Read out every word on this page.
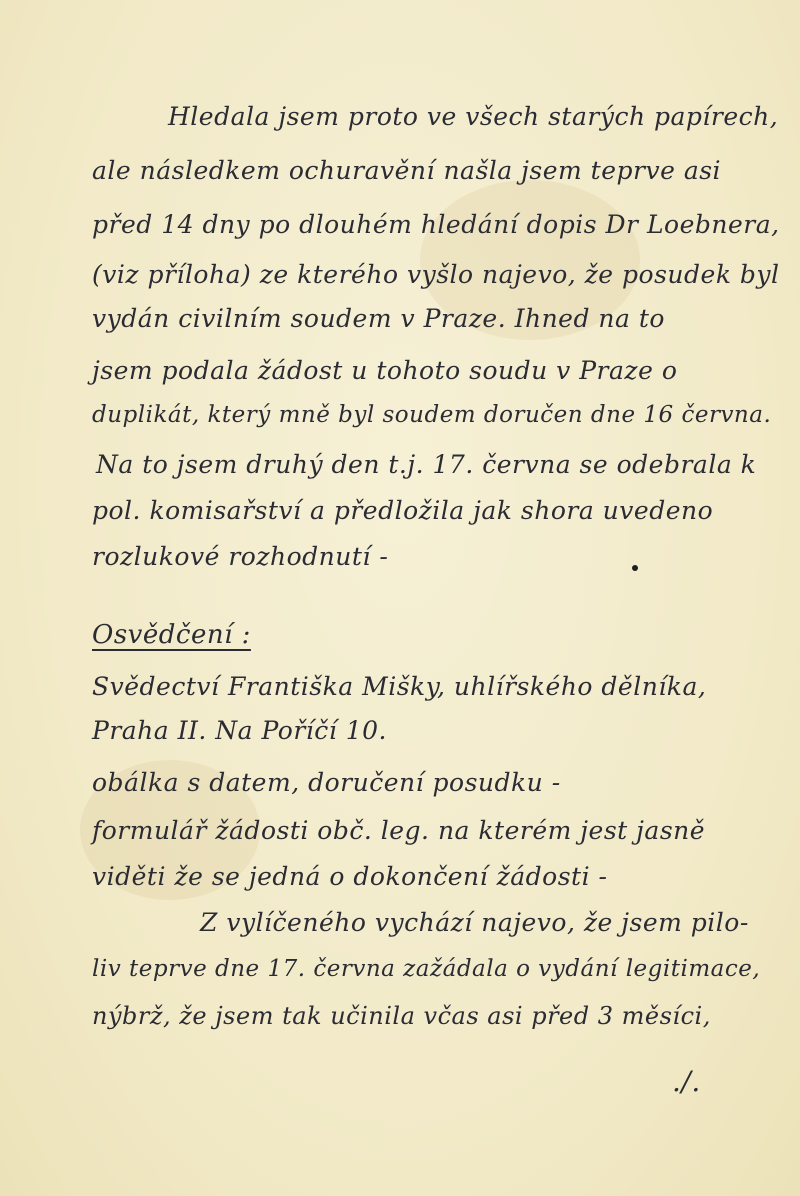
Hledala jsem proto ve všech starých papírech,
ale následkem ochuravění našla jsem teprve asi
před 14 dny po dlouhém hledání dopis Dr Loebnera,
(viz příloha) ze kterého vyšlo najevo, že posudek byl
vydán civilním soudem v Praze. Ihned na to
jsem podala žádost u tohoto soudu v Praze o
duplikát, který mně byl soudem doručen dne 16 června.
Na to jsem druhý den t.j. 17. června se odebrala k
pol. komisařství a předložila jak shora uvedeno
rozlukové rozhodnutí -
Osvědčení :
Svědectví Františka Mišky, uhlířského dělníka,
Praha II. Na Poříčí 10.
obálka s datem, doručení posudku -
formulář žádosti obč. leg. na kterém jest jasně
viděti že se jedná o dokončení žádosti -
Z vylíčeného vychází najevo, že jsem pilo-
liv teprve dne 17. června zažádala o vydání legitimace,
nýbrž, že jsem tak učinila včas asi před 3 měsíci,
./.
